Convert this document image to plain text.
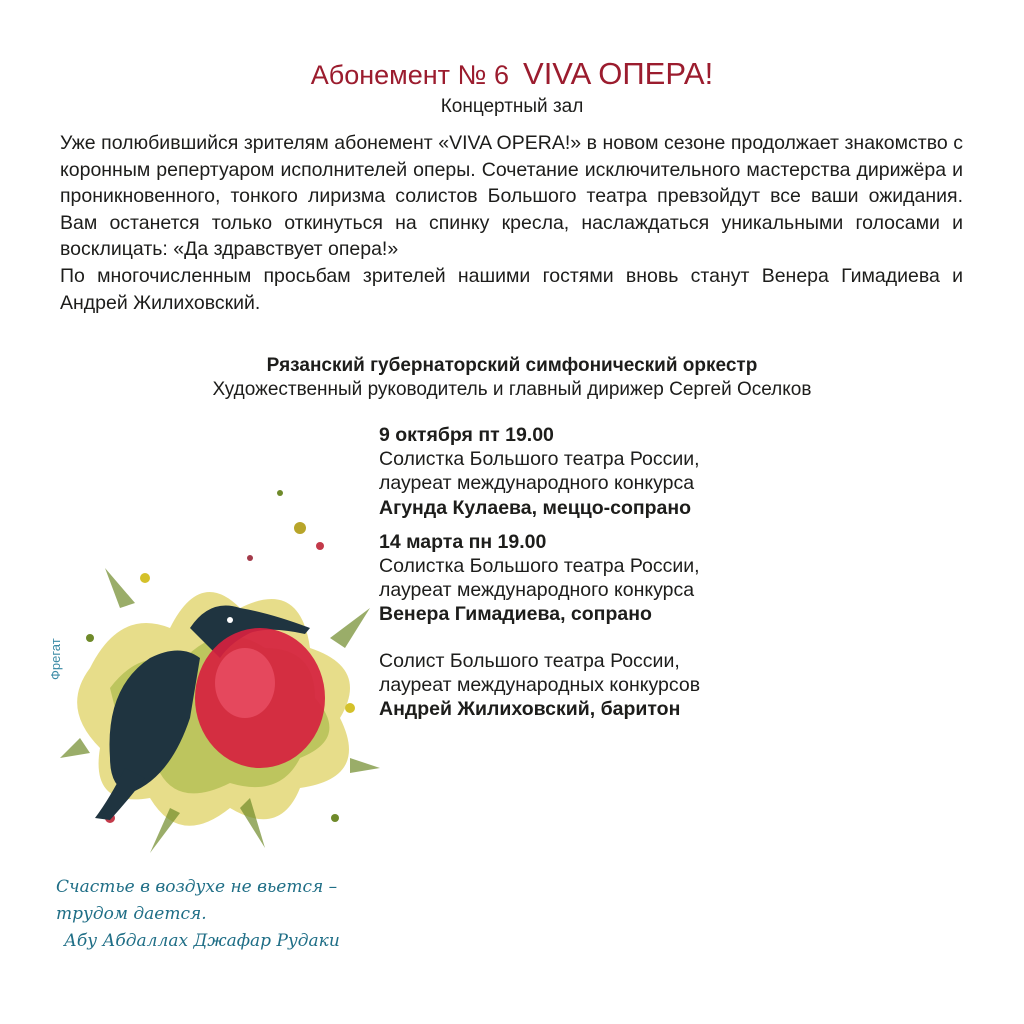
Абонемент № 6 VIVA ОПЕРА!
Концертный зал

Уже полюбившийся зрителям абонемент «VIVA OPERA!» в новом сезоне продолжает знакомство с коронным репертуаром исполнителей оперы. Сочетание исключительного мастерства дирижёра и проникновенного, тонкого лиризма солистов Большого театра превзойдут все ваши ожидания. Вам останется только откинуться на спинку кресла, наслаждаться уникальными голосами и восклицать: «Да здравствует опера!»

По многочисленным просьбам зрителей нашими гостями вновь станут Венера Гимадиева и Андрей Жилиховский.

Рязанский губернаторский симфонический оркестр
Художественный руководитель и главный дирижер Сергей Оселков
9 октября пт 19.00
Солистка Большого театра России,
лауреат международного конкурса
Агунда Кулаева, меццо-сопрано
14 марта пн 19.00
Солистка Большого театра России,
лауреат международного конкурса
Венера Гимадиева, сопрано
Солист Большого театра России,
лауреат международных конкурсов
Андрей Жилиховский, баритон
Фрегат
Счастье в воздухе не вьется –
трудом дается.
Абу Абдаллах Джафар Рудаки
